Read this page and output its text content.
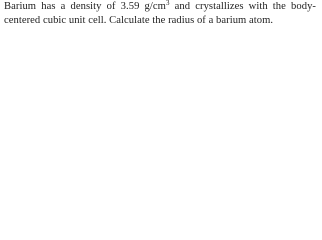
Barium has a density of 3.59 $g/cm^3$ and crystallizes with the body-centered cubic unit cell. Calculate the radius of a barium atom.
